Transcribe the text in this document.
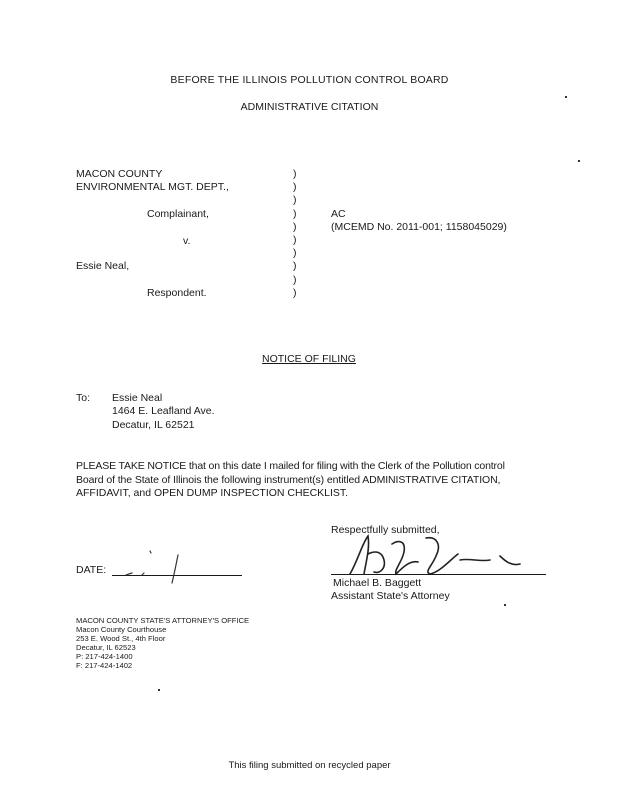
BEFORE THE ILLINOIS POLLUTION CONTROL BOARD
ADMINISTRATIVE CITATION
MACON COUNTY
ENVIRONMENTAL MGT. DEPT.,
Complainant,
v.
Essie Neal,
Respondent.
)
)
)
)
)
)
)
)
)
)
AC
(MCEMD No. 2011-001; 1158045029)
NOTICE OF FILING
To: Essie Neal
1464 E. Leafland Ave.
Decatur, IL 62521
PLEASE TAKE NOTICE that on this date I mailed for filing with the Clerk of the Pollution control
Board of the State of Illinois the following instrument(s) entitled ADMINISTRATIVE CITATION,
AFFIDAVIT, and OPEN DUMP INSPECTION CHECKLIST.
Respectfully submitted,
Michael B. Baggett
Assistant State's Attorney
DATE:
MACON COUNTY STATE'S ATTORNEY'S OFFICE
Macon County Courthouse
253 E. Wood St., 4th Floor
Decatur, IL 62523
P: 217-424-1400
F: 217-424-1402
This filing submitted on recycled paper
